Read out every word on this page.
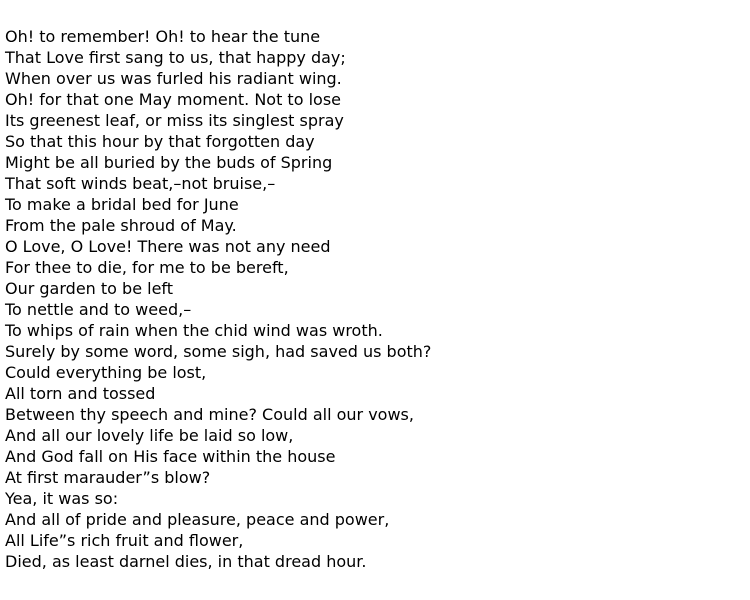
Oh! to remember! Oh! to hear the tune
That Love first sang to us, that happy day;
When over us was furled his radiant wing.
Oh! for that one May moment. Not to lose
Its greenest leaf, or miss its singlest spray
So that this hour by that forgotten day
Might be all buried by the buds of Spring
That soft winds beat,–not bruise,–
To make a bridal bed for June
From the pale shroud of May.
O Love, O Love! There was not any need
For thee to die, for me to be bereft,
Our garden to be left
To nettle and to weed,–
To whips of rain when the chid wind was wroth.
Surely by some word, some sigh, had saved us both?
Could everything be lost,
All torn and tossed
Between thy speech and mine? Could all our vows,
And all our lovely life be laid so low,
And God fall on His face within the house
At first marauder”s blow?
Yea, it was so:
And all of pride and pleasure, peace and power,
All Life”s rich fruit and flower,
Died, as least darnel dies, in that dread hour.
